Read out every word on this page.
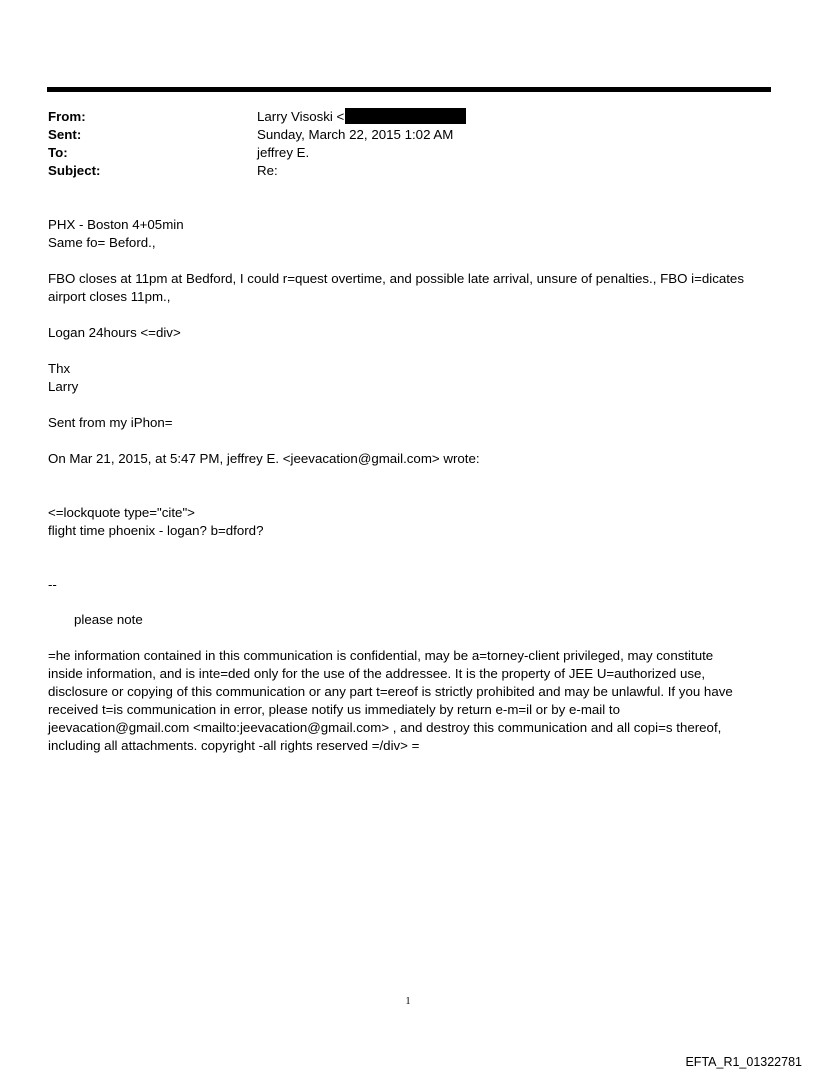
From:	Larry Visoski <
Sent:	Sunday, March 22, 2015 1:02 AM
To:	jeffrey E.
Subject:	Re:
PHX - Boston 4+05min
Same fo= Beford.,
FBO closes at 11pm at Bedford, I could r=quest overtime, and possible late arrival, unsure of penalties., FBO i=dicates
airport closes 11pm.,
Logan 24hours <=div>
Thx
Larry
Sent from my iPhon=
On Mar 21, 2015, at 5:47 PM, jeffrey E. <jeevacation@gmail.com> wrote:
<=lockquote type="cite">
flight time phoenix - logan? b=dford?
--
please note
=he information contained in this communication is confidential, may be a=torney-client privileged, may constitute
inside information, and is inte=ded only for the use of the addressee. It is the property of JEE U=authorized use,
disclosure or copying of this communication or any part t=ereof is strictly prohibited and may be unlawful. If you have
received t=is communication in error, please notify us immediately by return e-m=il or by e-mail to
jeevacation@gmail.com <mailto:jeevacation@gmail.com> , and destroy this communication and all copi=s thereof,
including all attachments. copyright -all rights reserved =/div> =
1
EFTA_R1_01322781
